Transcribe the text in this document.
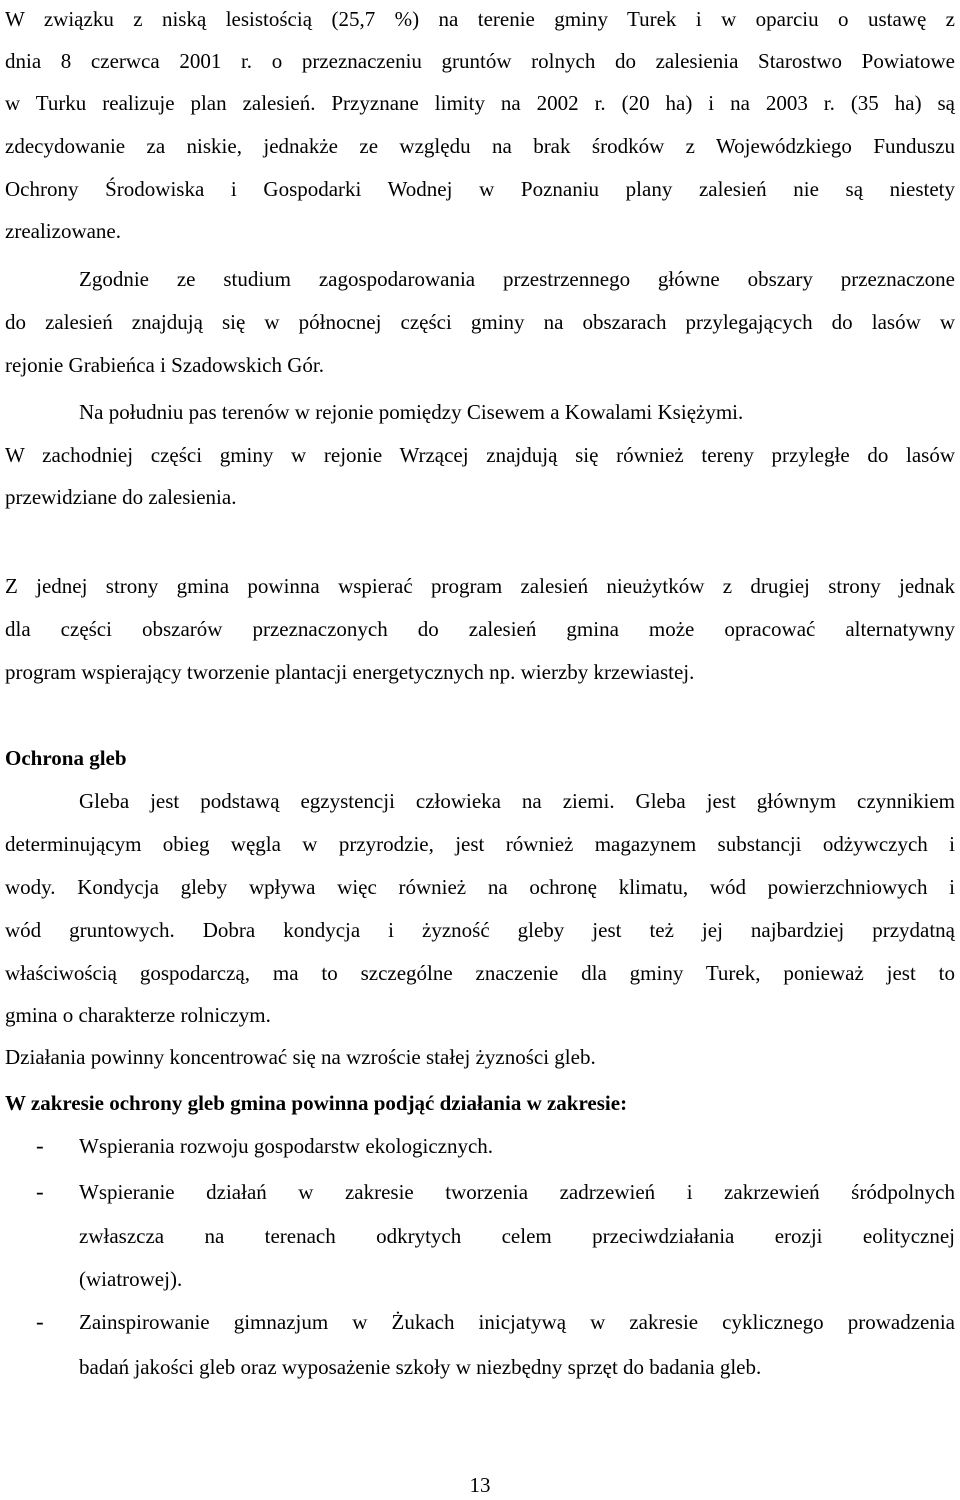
W związku z niską lesistością (25,7 %) na terenie gminy Turek i w oparciu o ustawę z
dnia 8 czerwca 2001 r. o przeznaczeniu gruntów rolnych do zalesienia Starostwo Powiatowe
w Turku realizuje plan zalesień. Przyznane limity na 2002 r. (20 ha) i na 2003 r. (35 ha) są
zdecydowanie za niskie, jednakże ze względu na brak środków z Wojewódzkiego Funduszu
Ochrony Środowiska i Gospodarki Wodnej w Poznaniu plany zalesień nie są niestety
zrealizowane.
Zgodnie ze studium zagospodarowania przestrzennego główne obszary przeznaczone
do zalesień znajdują się w północnej części gminy na obszarach przylegających do lasów w
rejonie Grabieńca i Szadowskich Gór.
Na południu pas terenów w rejonie pomiędzy Cisewem a Kowalami Księżymi.
W zachodniej części gminy w rejonie Wrzącej znajdują się również tereny przyległe do lasów
przewidziane do zalesienia.
Z jednej strony gmina powinna wspierać program zalesień nieużytków z drugiej strony jednak
dla części obszarów przeznaczonych do zalesień gmina może opracować alternatywny
program wspierający tworzenie plantacji energetycznych np. wierzby krzewiastej.
Ochrona gleb
Gleba jest podstawą egzystencji człowieka na ziemi. Gleba jest głównym czynnikiem
determinującym obieg węgla w przyrodzie, jest również magazynem substancji odżywczych i
wody. Kondycja gleby wpływa więc również na ochronę klimatu, wód powierzchniowych i
wód gruntowych. Dobra kondycja i żyzność gleby jest też jej najbardziej przydatną
właściwością gospodarczą, ma to szczególne znaczenie dla gminy Turek, ponieważ jest to
gmina o charakterze rolniczym.
Działania powinny koncentrować się na wzroście stałej żyzności gleb.
W zakresie ochrony gleb gmina powinna podjąć działania w zakresie:
- Wspierania rozwoju gospodarstw ekologicznych.
- Wspieranie działań w zakresie tworzenia zadrzewień i zakrzewień śródpolnych
zwłaszcza na terenach odkrytych celem przeciwdziałania erozji eolitycznej
(wiatrowej).
- Zainspirowanie gimnazjum w Żukach inicjatywą w zakresie cyklicznego prowadzenia
badań jakości gleb oraz wyposażenie szkoły w niezbędny sprzęt do badania gleb.
13
